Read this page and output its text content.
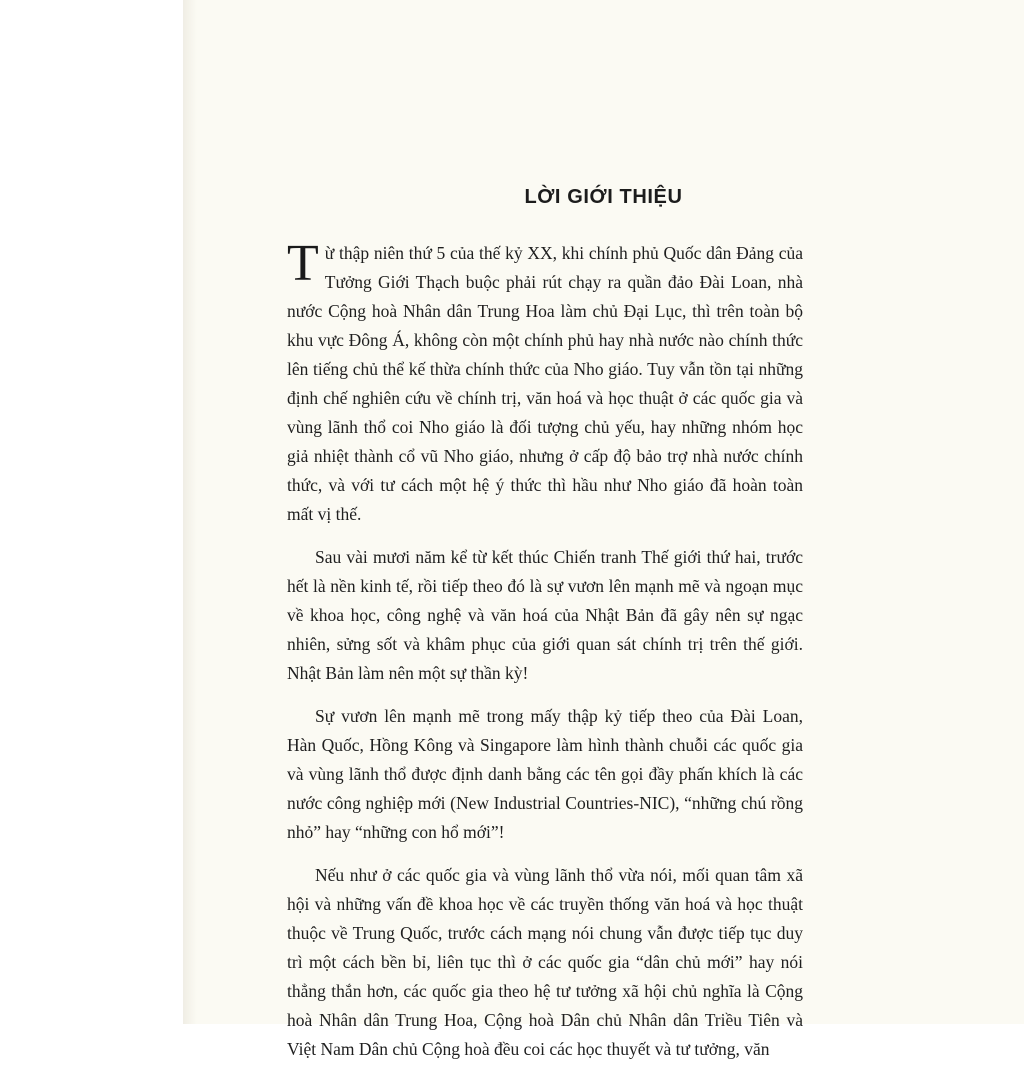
LỜI GIỚI THIỆU

Từ thập niên thứ 5 của thế kỷ XX, khi chính phủ Quốc dân Đảng của Tưởng Giới Thạch buộc phải rút chạy ra quần đảo Đài Loan, nhà nước Cộng hoà Nhân dân Trung Hoa làm chủ Đại Lục, thì trên toàn bộ khu vực Đông Á, không còn một chính phủ hay nhà nước nào chính thức lên tiếng chủ thể kế thừa chính thức của Nho giáo. Tuy vẫn tồn tại những định chế nghiên cứu về chính trị, văn hoá và học thuật ở các quốc gia và vùng lãnh thổ coi Nho giáo là đối tượng chủ yếu, hay những nhóm học giả nhiệt thành cổ vũ Nho giáo, nhưng ở cấp độ bảo trợ nhà nước chính thức, và với tư cách một hệ ý thức thì hầu như Nho giáo đã hoàn toàn mất vị thế.

Sau vài mươi năm kể từ kết thúc Chiến tranh Thế giới thứ hai, trước hết là nền kinh tế, rồi tiếp theo đó là sự vươn lên mạnh mẽ và ngoạn mục về khoa học, công nghệ và văn hoá của Nhật Bản đã gây nên sự ngạc nhiên, sửng sốt và khâm phục của giới quan sát chính trị trên thế giới. Nhật Bản làm nên một sự thần kỳ!

Sự vươn lên mạnh mẽ trong mấy thập kỷ tiếp theo của Đài Loan, Hàn Quốc, Hồng Kông và Singapore làm hình thành chuỗi các quốc gia và vùng lãnh thổ được định danh bằng các tên gọi đầy phấn khích là các nước công nghiệp mới (New Industrial Countries-NIC), “những chú rồng nhỏ” hay “những con hổ mới”!

Nếu như ở các quốc gia và vùng lãnh thổ vừa nói, mối quan tâm xã hội và những vấn đề khoa học về các truyền thống văn hoá và học thuật thuộc về Trung Quốc, trước cách mạng nói chung vẫn được tiếp tục duy trì một cách bền bỉ, liên tục thì ở các quốc gia “dân chủ mới” hay nói thẳng thắn hơn, các quốc gia theo hệ tư tưởng xã hội chủ nghĩa là Cộng hoà Nhân dân Trung Hoa, Cộng hoà Dân chủ Nhân dân Triều Tiên và Việt Nam Dân chủ Cộng hoà đều coi các học thuyết và tư tưởng, văn
